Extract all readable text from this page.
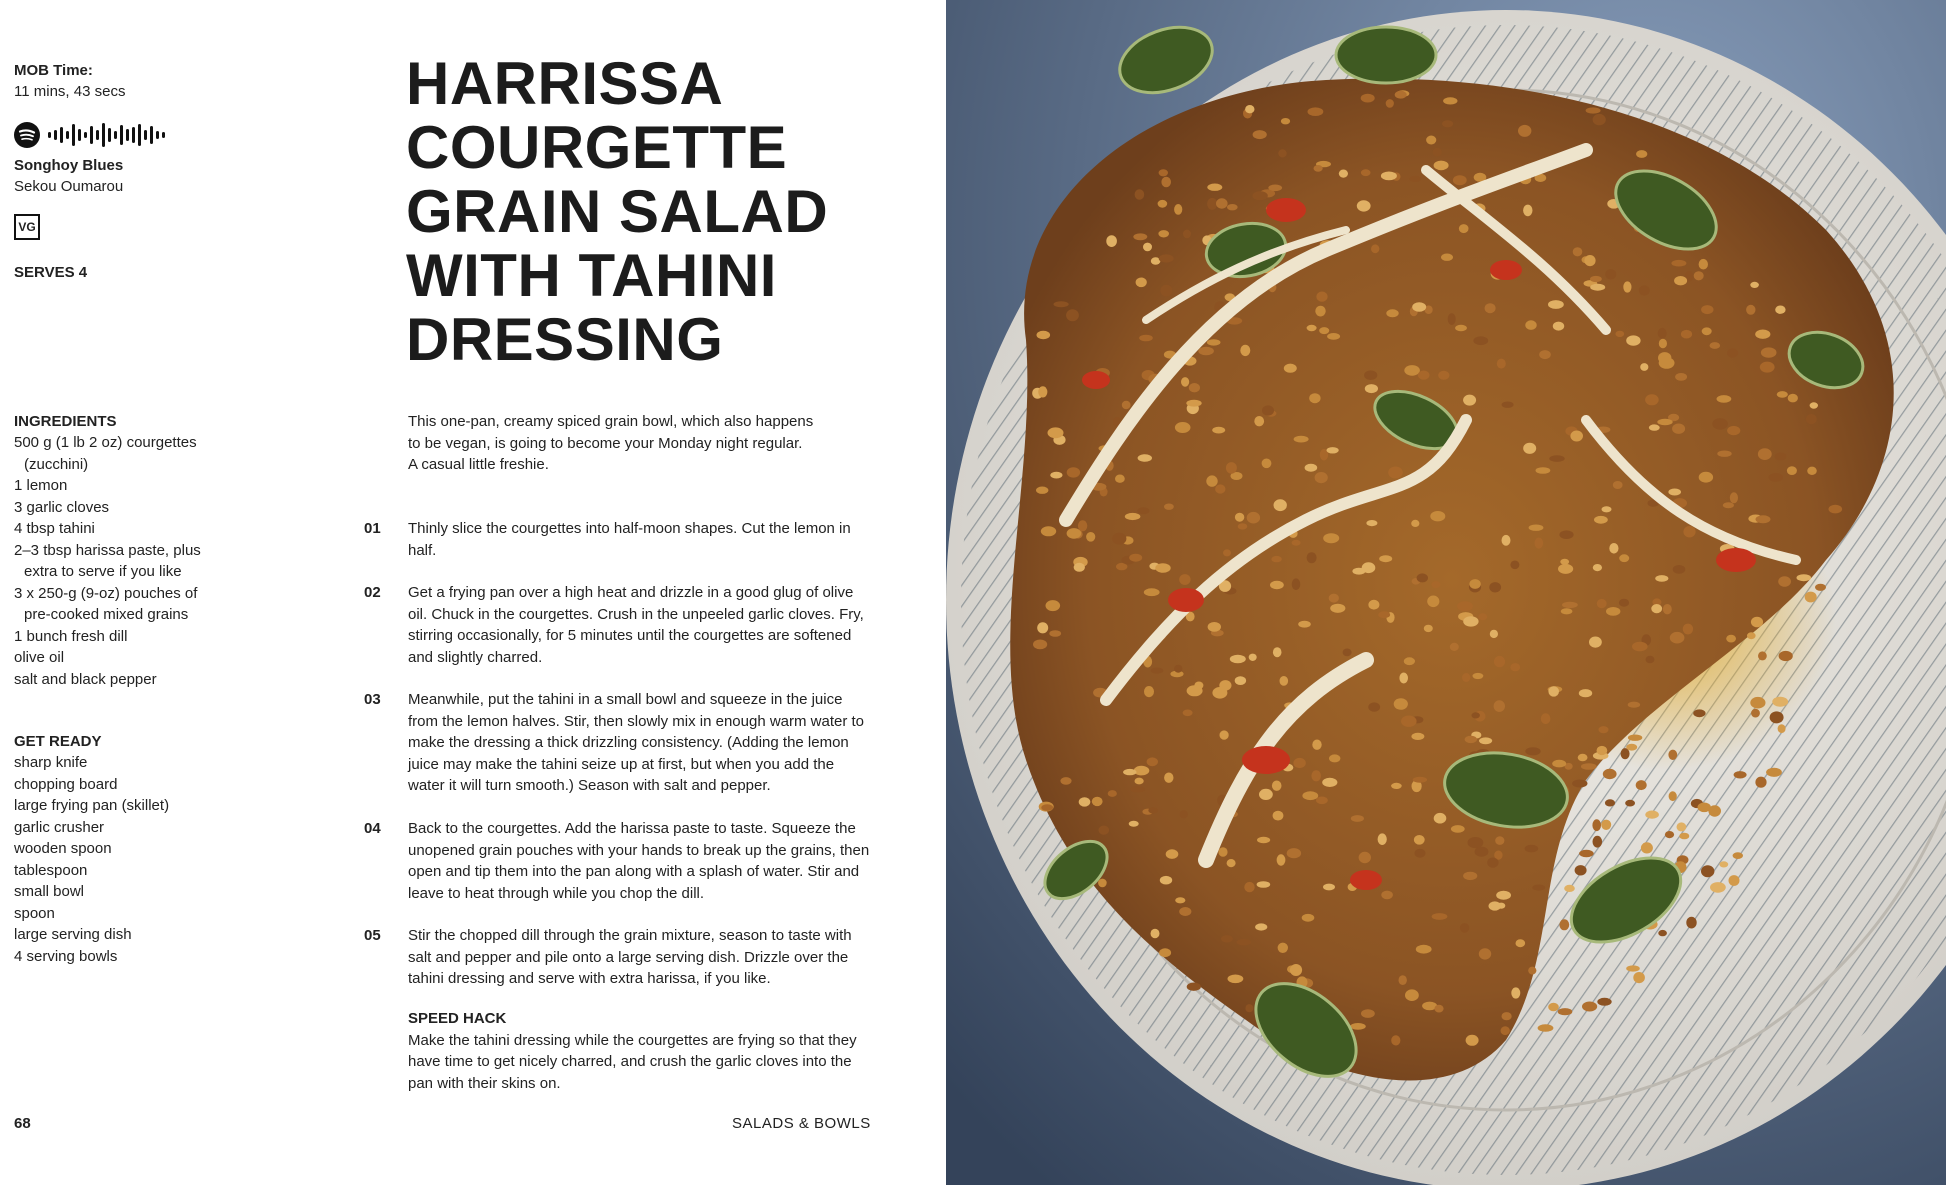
MOB Time:
11 mins, 43 secs
Songhoy Blues
Sekou Oumarou
VG
SERVES 4
HARRISSA
COURGETTE
GRAIN SALAD
WITH TAHINI
DRESSING
This one-pan, creamy spiced grain bowl, which also happens
to be vegan, is going to become your Monday night regular.
A casual little freshie.
INGREDIENTS
500 g (1 lb 2 oz) courgettes (zucchini)
1 lemon
3 garlic cloves
4 tbsp tahini
2–3 tbsp harissa paste, plus extra to serve if you like
3 x 250-g (9-oz) pouches of pre-cooked mixed grains
1 bunch fresh dill
olive oil
salt and black pepper
GET READY
sharp knife
chopping board
large frying pan (skillet)
garlic crusher
wooden spoon
tablespoon
small bowl
spoon
large serving dish
4 serving bowls
01 Thinly slice the courgettes into half-moon shapes. Cut the lemon in half.
02 Get a frying pan over a high heat and drizzle in a good glug of olive oil. Chuck in the courgettes. Crush in the unpeeled garlic cloves. Fry, stirring occasionally, for 5 minutes until the courgettes are softened and slightly charred.
03 Meanwhile, put the tahini in a small bowl and squeeze in the juice from the lemon halves. Stir, then slowly mix in enough warm water to make the dressing a thick drizzling consistency. (Adding the lemon juice may make the tahini seize up at first, but when you add the water it will turn smooth.) Season with salt and pepper.
04 Back to the courgettes. Add the harissa paste to taste. Squeeze the unopened grain pouches with your hands to break up the grains, then open and tip them into the pan along with a splash of water. Stir and leave to heat through while you chop the dill.
05 Stir the chopped dill through the grain mixture, season to taste with salt and pepper and pile onto a large serving dish. Drizzle over the tahini dressing and serve with extra harissa, if you like.
SPEED HACK
Make the tahini dressing while the courgettes are frying so that they have time to get nicely charred, and crush the garlic cloves into the pan with their skins on.
68	SALADS & BOWLS
